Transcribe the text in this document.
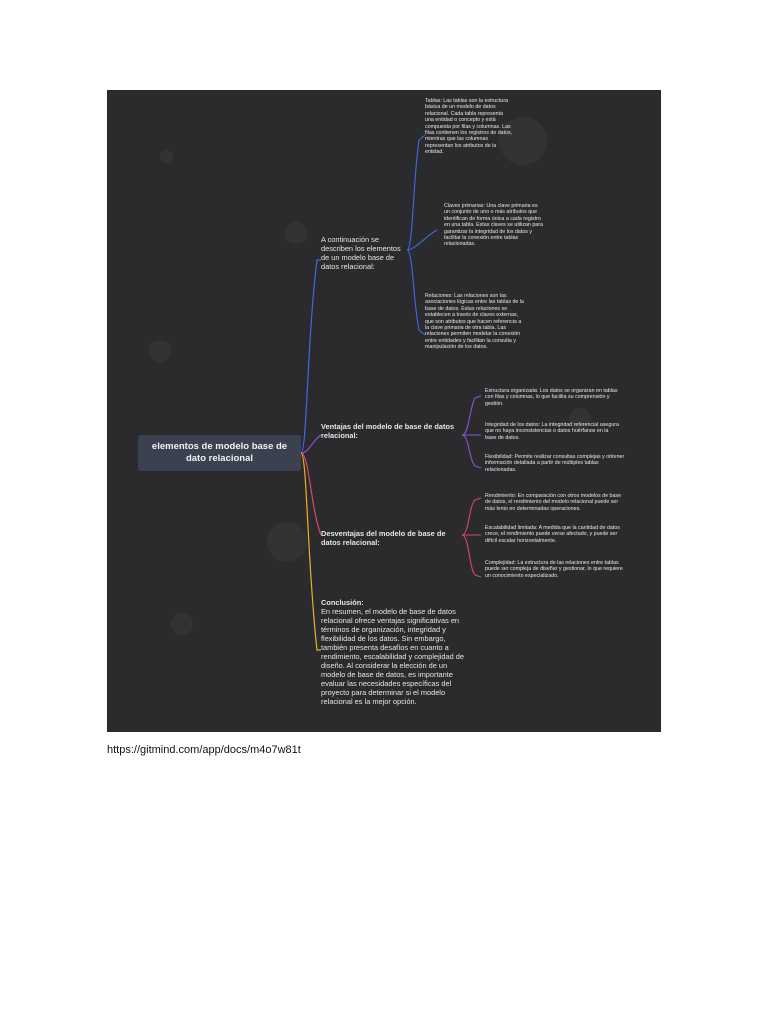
elementos de modelo base de dato relacional
A continuación se describen los elementos de un modelo base de datos relacional:
Tablas: Las tablas son la estructura básica de un modelo de datos relacional. Cada tabla representa una entidad o concepto y está compuesta por filas y columnas. Las filas contienen los registros de datos, mientras que las columnas representan los atributos de la entidad.
Claves primarias: Una clave primaria es un conjunto de uno o más atributos que identifican de forma única a cada registro en una tabla. Estas claves se utilizan para garantizar la integridad de los datos y facilitar la conexión entre tablas relacionadas.
Relaciones: Las relaciones son las asociaciones lógicas entre las tablas de la base de datos. Estas relaciones se establecen a través de claves externas, que son atributos que hacen referencia a la clave primaria de otra tabla. Las relaciones permiten modelar la conexión entre entidades y facilitan la consulta y manipulación de los datos.
Ventajas del modelo de base de datos relacional:
Estructura organizada: Los datos se organizan en tablas con filas y columnas, lo que facilita su comprensión y gestión.
Integridad de los datos: La integridad referencial asegura que no haya inconsistencias o datos huérfanos en la base de datos.
Flexibilidad: Permite realizar consultas complejas y obtener información detallada a partir de múltiples tablas relacionadas.
Desventajas del modelo de base de datos relacional:
Rendimiento: En comparación con otros modelos de base de datos, el rendimiento del modelo relacional puede ser más lento en determinadas operaciones.
Escalabilidad limitada: A medida que la cantidad de datos crece, el rendimiento puede verse afectado, y puede ser difícil escalar horizontalmente.
Complejidad: La estructura de las relaciones entre tablas puede ser compleja de diseñar y gestionar, lo que requiere un conocimiento especializado.
Conclusión:
En resumen, el modelo de base de datos relacional ofrece ventajas significativas en términos de organización, integridad y flexibilidad de los datos. Sin embargo, también presenta desafíos en cuanto a rendimiento, escalabilidad y complejidad de diseño. Al considerar la elección de un modelo de base de datos, es importante evaluar las necesidades específicas del proyecto para determinar si el modelo relacional es la mejor opción.
https://gitmind.com/app/docs/m4o7w81t
